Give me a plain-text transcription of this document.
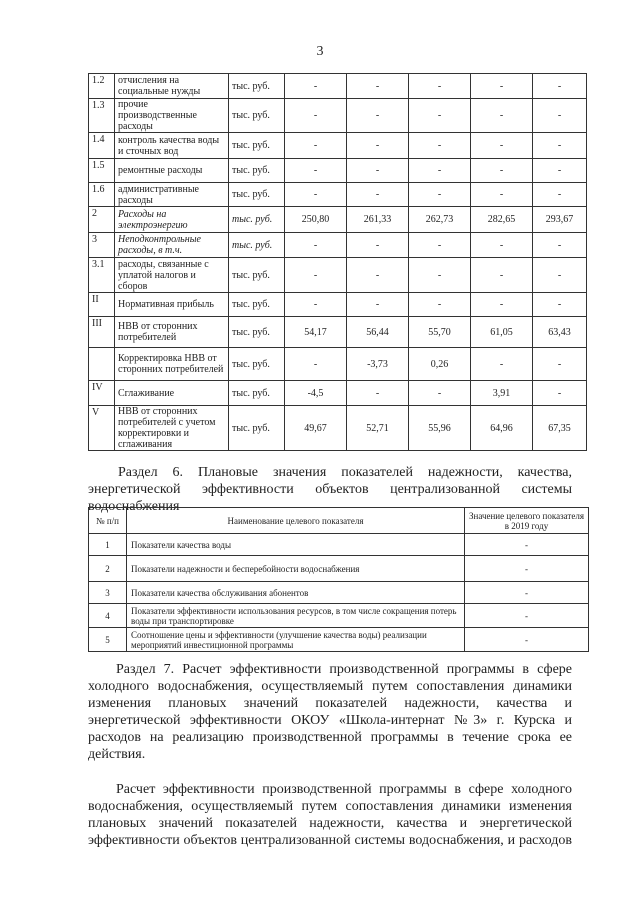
3
1.2	отчисления на социальные нужды	тыс. руб.	-	-	-	-	-
1.3	прочие производственные расходы	тыс. руб.	-	-	-	-	-
1.4	контроль качества воды и сточных вод	тыс. руб.	-	-	-	-	-
1.5	ремонтные расходы	тыс. руб.	-	-	-	-	-
1.6	административные расходы	тыс. руб.	-	-	-	-	-
2	Расходы на электроэнергию	тыс. руб.	250,80	261,33	262,73	282,65	293,67
3	Неподконтрольные расходы, в т.ч.	тыс. руб.	-	-	-	-	-
3.1	расходы, связанные с уплатой налогов и сборов	тыс. руб.	-	-	-	-	-
II	Нормативная прибыль	тыс. руб.	-	-	-	-	-
III	НВВ от сторонних потребителей	тыс. руб.	54,17	56,44	55,70	61,05	63,43
	Корректировка НВВ от сторонних потребителей	тыс. руб.	-	-3,73	0,26	-	-
IV	Сглаживание	тыс. руб.	-4,5	-	-	3,91	-
V	НВВ от сторонних потребителей с учетом корректировки и сглаживания	тыс. руб.	49,67	52,71	55,96	64,96	67,35
Раздел 6. Плановые значения показателей надежности, качества,
энергетической эффективности объектов централизованной системы
водоснабжения
№ п/п	Наименование целевого показателя	Значение целевого показателя в 2019 году
1	Показатели качества воды	-
2	Показатели надежности и бесперебойности водоснабжения	-
3	Показатели качества обслуживания абонентов	-
4	Показатели эффективности использования ресурсов, в том числе сокращения потерь воды при транспортировке	-
5	Соотношение цены и эффективности (улучшение качества воды) реализации мероприятий инвестиционной программы	-
Раздел 7. Расчет эффективности производственной программы в сфере
холодного водоснабжения, осуществляемый путем сопоставления динамики
изменения плановых значений показателей надежности, качества и
энергетической эффективности ОКОУ «Школа-интернат №3» г. Курска и
расходов на реализацию производственной программы в течение срока ее
действия.
Расчет эффективности производственной программы в сфере холодного
водоснабжения, осуществляемый путем сопоставления динамики изменения
плановых значений показателей надежности, качества и энергетической
эффективности объектов централизованной системы водоснабжения, и расходов
